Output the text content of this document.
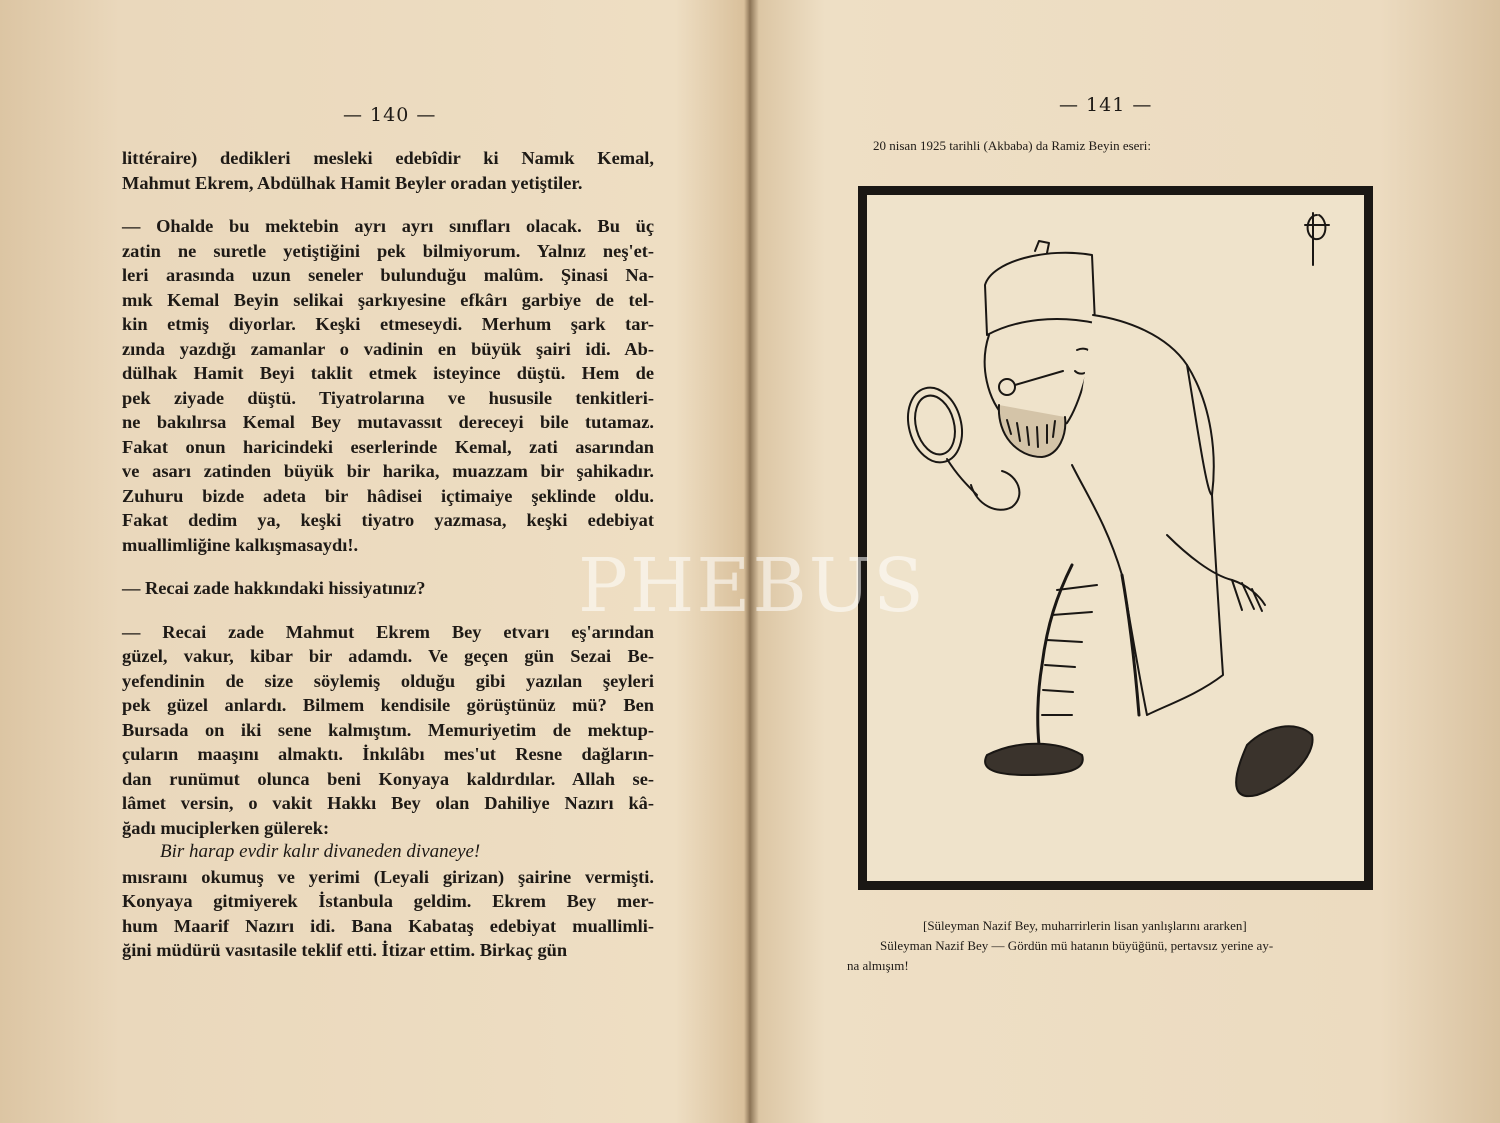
— 140 —
littéraire) dedikleri mesleki edebîdir ki Namık Kemal,
Mahmut Ekrem, Abdülhak Hamit Beyler oradan yetiştiler.
— Ohalde bu mektebin ayrı ayrı sınıfları olacak. Bu üç
zatin ne suretle yetiştiğini pek bilmiyorum. Yalnız neş'et-
leri arasında uzun seneler bulunduğu malûm. Şinasi Na-
mık Kemal Beyin selikai şarkıyesine efkârı garbiye de tel-
kin etmiş diyorlar. Keşki etmeseydi. Merhum şark tar-
zında yazdığı zamanlar o vadinin en büyük şairi idi. Ab-
dülhak Hamit Beyi taklit etmek isteyince düştü. Hem de
pek ziyade düştü. Tiyatrolarına ve hususile tenkitleri-
ne bakılırsa Kemal Bey mutavassıt dereceyi bile tutamaz.
Fakat onun haricindeki eserlerinde Kemal, zati asarından
ve asarı zatinden büyük bir harika, muazzam bir şahikadır.
Zuhuru bizde adeta bir hâdisei içtimaiye şeklinde oldu.
Fakat dedim ya, keşki tiyatro yazmasa, keşki edebiyat
muallimliğine kalkışmasaydı!.
— Recai zade hakkındaki hissiyatınız?
— Recai zade Mahmut Ekrem Bey etvarı eş'arından
güzel, vakur, kibar bir adamdı. Ve geçen gün Sezai Be-
yefendinin de size söylemiş olduğu gibi yazılan şeyleri
pek güzel anlardı. Bilmem kendisile görüştünüz mü? Ben
Bursada on iki sene kalmıştım. Memuriyetim de mektup-
çuların maaşını almaktı. İnkılâbı mes'ut Resne dağların-
dan runümut olunca beni Konyaya kaldırdılar. Allah se-
lâmet versin, o vakit Hakkı Bey olan Dahiliye Nazırı kâ-
ğadı muciplerken gülerek:
Bir harap evdir kalır divaneden divaneye!
mısraını okumuş ve yerimi (Leyali girizan) şairine vermişti.
Konyaya gitmiyerek İstanbula geldim. Ekrem Bey mer-
hum Maarif Nazırı idi. Bana Kabataş edebiyat muallimli-
ğini müdürü vasıtasile teklif etti. İtizar ettim. Birkaç gün
— 141 —
20 nisan 1925 tarihli (Akbaba) da Ramiz Beyin eseri:
[Süleyman Nazif Bey, muharrirlerin lisan yanlışlarını ararken]
Süleyman Nazif Bey — Gördün mü hatanın büyüğünü, pertavsız yerine ay-
na almışım!
PHEBUS
